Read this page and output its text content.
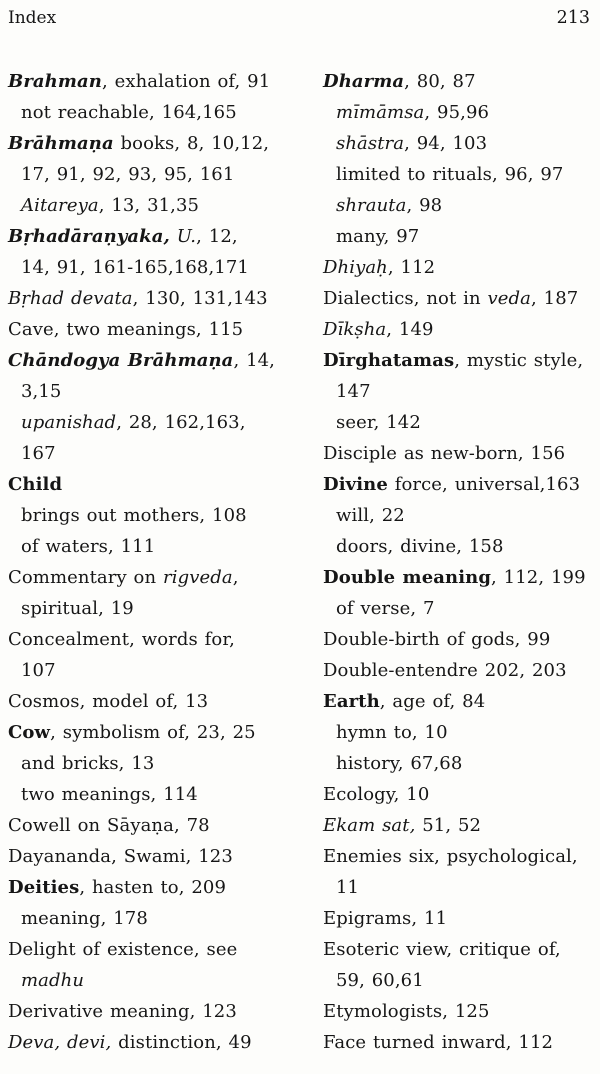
Index	213
Brahman, exhalation of, 91
not reachable, 164,165
Brāhmaṇa books, 8, 10,12,
17, 91, 92, 93, 95, 161
Aitareya, 13, 31,35
Bṛhadāraṇyaka, U., 12,
14, 91, 161-165,168,171
Bṛhad devata, 130, 131,143
Cave, two meanings, 115
Chāndogya Brāhmaṇa, 14,
3,15
upanishad, 28, 162,163,
167
Child
brings out mothers, 108
of waters, 111
Commentary on rigveda,
spiritual, 19
Concealment, words for,
107
Cosmos, model of, 13
Cow, symbolism of, 23, 25
and bricks, 13
two meanings, 114
Cowell on Sāyaṇa, 78
Dayananda, Swami, 123
Deities, hasten to, 209
meaning, 178
Delight of existence, see
madhu
Derivative meaning, 123
Deva, devi, distinction, 49
Dharma, 80, 87
mīmāmsa, 95,96
shāstra, 94, 103
limited to rituals, 96, 97
shrauta, 98
many, 97
Dhiyaḥ, 112
Dialectics, not in veda, 187
Dīkṣha, 149
Dīrghatamas, mystic style,
147
seer, 142
Disciple as new-born, 156
Divine force, universal,163
will, 22
doors, divine, 158
Double meaning, 112, 199
of verse, 7
Double-birth of gods, 99
Double-entendre 202, 203
Earth, age of, 84
hymn to, 10
history, 67,68
Ecology, 10
Ekam sat, 51, 52
Enemies six, psychological,
11
Epigrams, 11
Esoteric view, critique of,
59, 60,61
Etymologists, 125
Face turned inward, 112
